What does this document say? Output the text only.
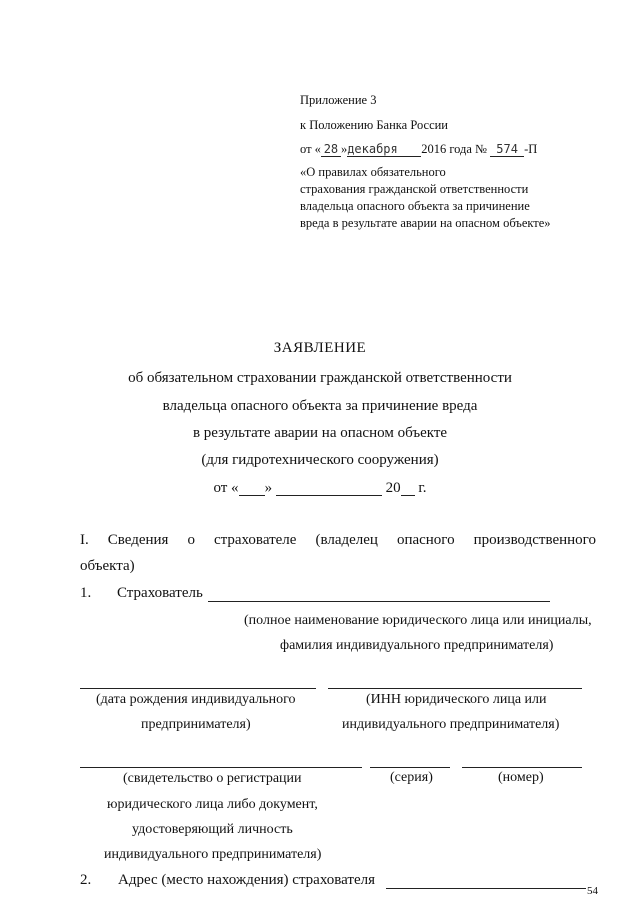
Приложение 3
к Положению Банка России
от « 28 »декабря 2016 года № 574 -П
«О правилах обязательного
страхования гражданской ответственности
владельца опасного объекта за причинение
вреда в результате аварии на опасном объекте»
ЗАЯВЛЕНИЕ
об обязательном страховании гражданской ответственности
владельца опасного объекта за причинение вреда
в результате аварии на опасном объекте
(для гидротехнического сооружения)
от « »	20 г.
I. Сведения о страхователе (владелец опасного производственного
объекта)
1. Страхователь
(полное наименование юридического лица или инициалы,
фамилия индивидуального предпринимателя)
(дата рождения индивидуального
предпринимателя)
(ИНН юридического лица или
индивидуального предпринимателя)
(свидетельство о регистрации	(серия)	(номер)
юридического лица либо документ,
удостоверяющий личность
индивидуального предпринимателя)
2. Адрес (место нахождения) страхователя
54
